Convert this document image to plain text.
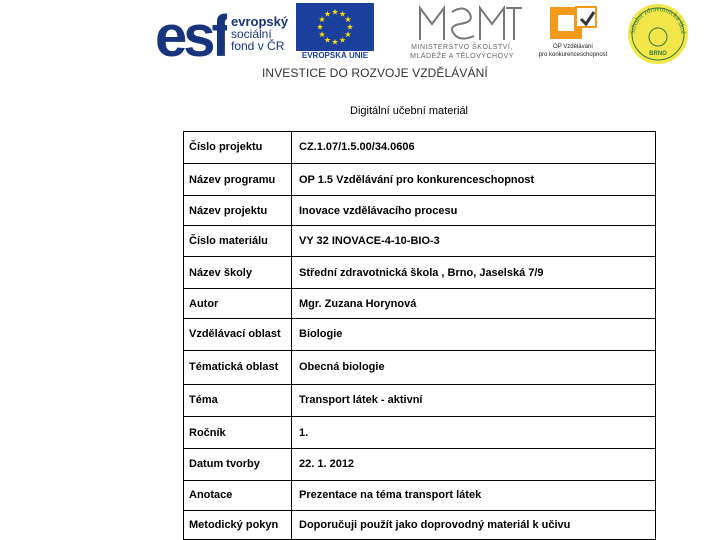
esf evropský
sociální
fond v ČR
EVROPSKÁ UNIE
MINISTERSTVO ŠKOLSTVÍ,
MLÁDEŽE A TĚLOVÝCHOVY
OP Vzdělávání
pro konkurenceschopnost
Střední zdravotnická škol
BRNO
INVESTICE DO ROZVOJE VZDĚLÁVÁNÍ
Digitální učební materiál
Číslo projektu	CZ.1.07/1.5.00/34.0606
Název programu	OP 1.5 Vzdělávání pro konkurenceschopnost
Název projektu	Inovace vzdělávacího procesu
Číslo materiálu	VY 32 INOVACE-4-10-BIO-3
Název školy	Střední zdravotnická škola , Brno, Jaselská 7/9
Autor	Mgr. Zuzana Horynová
Vzdělávací oblast	Biologie
Tématická oblast	Obecná biologie
Téma	Transport látek - aktivní
Ročník	1.
Datum tvorby	22. 1. 2012
Anotace	Prezentace na téma transport látek
Metodický pokyn	Doporučuji použít jako doprovodný materiál k učivu
